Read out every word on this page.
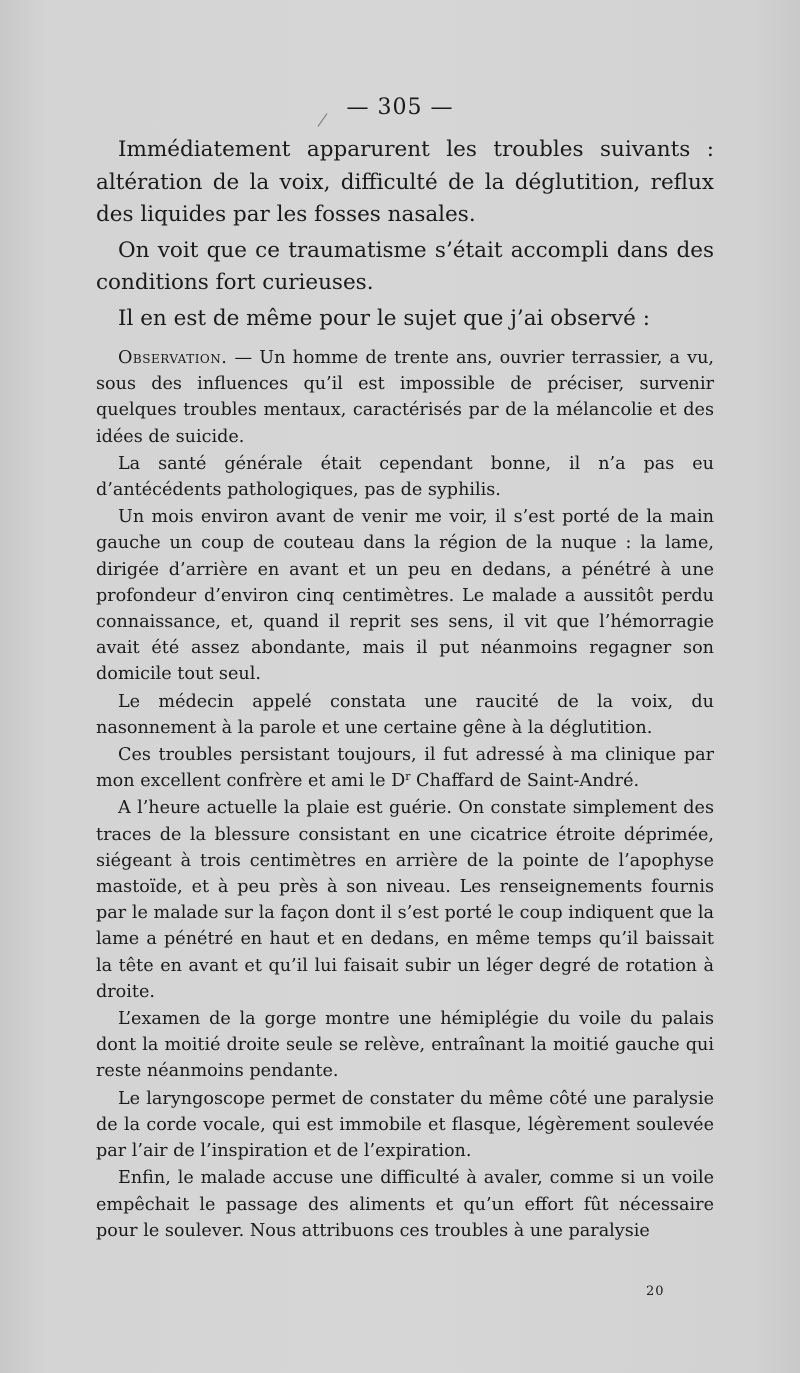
— 305 —

Immédiatement apparurent les troubles suivants : altération de la voix, difficulté de la déglutition, reflux des liquides par les fosses nasales.

On voit que ce traumatisme s’était accompli dans des conditions fort curieuses.

Il en est de même pour le sujet que j’ai observé :

Observation. — Un homme de trente ans, ouvrier terrassier, a vu, sous des influences qu’il est impossible de préciser, survenir quelques troubles mentaux, caractérisés par de la mélancolie et des idées de suicide.

La santé générale était cependant bonne, il n’a pas eu d’antécédents pathologiques, pas de syphilis.

Un mois environ avant de venir me voir, il s’est porté de la main gauche un coup de couteau dans la région de la nuque : la lame, dirigée d’arrière en avant et un peu en dedans, a pénétré à une profondeur d’environ cinq centimètres. Le malade a aussitôt perdu connaissance, et, quand il reprit ses sens, il vit que l’hémorragie avait été assez abondante, mais il put néanmoins regagner son domicile tout seul.

Le médecin appelé constata une raucité de la voix, du nasonnement à la parole et une certaine gêne à la déglutition.

Ces troubles persistant toujours, il fut adressé à ma clinique par mon excellent confrère et ami le $D^r$ Chaffard de Saint-André.

A l’heure actuelle la plaie est guérie. On constate simplement des traces de la blessure consistant en une cicatrice étroite déprimée, siégeant à trois centimètres en arrière de la pointe de l’apophyse mastoïde, et à peu près à son niveau. Les renseignements fournis par le malade sur la façon dont il s’est porté le coup indiquent que la lame a pénétré en haut et en dedans, en même temps qu’il baissait la tête en avant et qu’il lui faisait subir un léger degré de rotation à droite.

L’examen de la gorge montre une hémiplégie du voile du palais dont la moitié droite seule se relève, entraînant la moitié gauche qui reste néanmoins pendante.

Le laryngoscope permet de constater du même côté une paralysie de la corde vocale, qui est immobile et flasque, légèrement soulevée par l’air de l’inspiration et de l’expiration.

Enfin, le malade accuse une difficulté à avaler, comme si un voile empêchait le passage des aliments et qu’un effort fût nécessaire pour le soulever. Nous attribuons ces troubles à une paralysie

20
